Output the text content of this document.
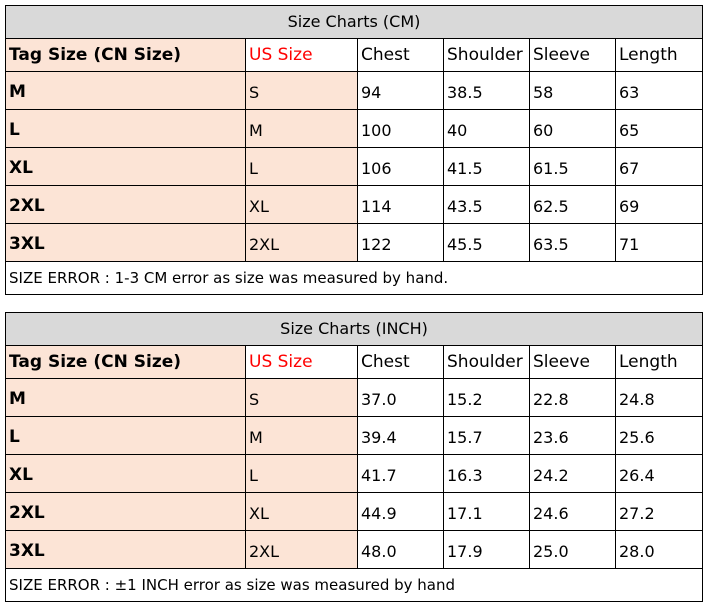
Size Charts (CM)					
Tag Size (CN Size)	US Size	Chest	Shoulder	Sleeve	Length
M	S	94	38.5	58	63
L	M	100	40	60	65
XL	L	106	41.5	61.5	67
2XL	XL	114	43.5	62.5	69
3XL	2XL	122	45.5	63.5	71
SIZE ERROR : 1-3 CM error as size was measured by hand.					
Size Charts (INCH)					
Tag Size (CN Size)	US Size	Chest	Shoulder	Sleeve	Length
M	S	37.0	15.2	22.8	24.8
L	M	39.4	15.7	23.6	25.6
XL	L	41.7	16.3	24.2	26.4
2XL	XL	44.9	17.1	24.6	27.2
3XL	2XL	48.0	17.9	25.0	28.0
SIZE ERROR : ±1 INCH error as size was measured by hand					
